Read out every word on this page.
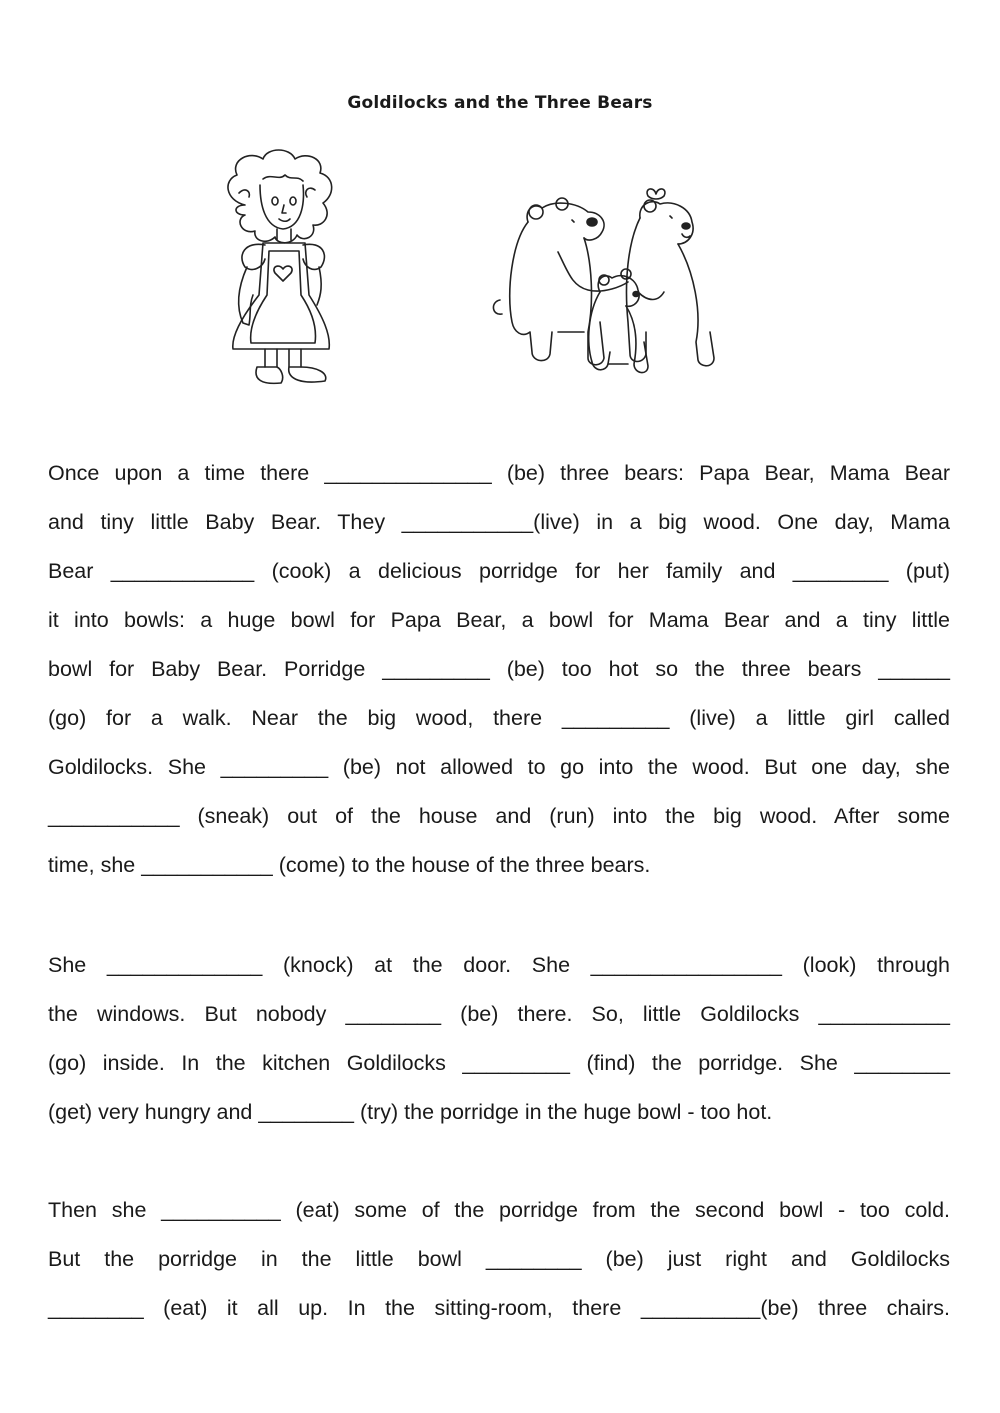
Goldilocks and the Three Bears
Once upon a time there ______________ (be) three bears: Papa Bear, Mama Bear
and tiny little Baby Bear. They ___________(live) in a big wood. One day, Mama
Bear ____________ (cook) a delicious porridge for her family and ________ (put)
it into bowls: a huge bowl for Papa Bear, a bowl for Mama Bear and a tiny little
bowl for Baby Bear. Porridge _________ (be) too hot so the three bears ______
(go) for a walk. Near the big wood, there _________ (live) a little girl called
Goldilocks. She _________ (be) not allowed to go into the wood. But one day, she
___________ (sneak) out of the house and (run) into the big wood. After some
time, she ___________ (come) to the house of the three bears.
She _____________ (knock) at the door. She ________________ (look) through
the windows. But nobody ________ (be) there. So, little Goldilocks ___________
(go) inside. In the kitchen Goldilocks _________ (find) the porridge. She ________
(get) very hungry and ________ (try) the porridge in the huge bowl - too hot.
Then she __________ (eat) some of the porridge from the second bowl - too cold.
But the porridge in the little bowl ________ (be) just right and Goldilocks
________ (eat) it all up. In the sitting-room, there __________(be) three chairs.
